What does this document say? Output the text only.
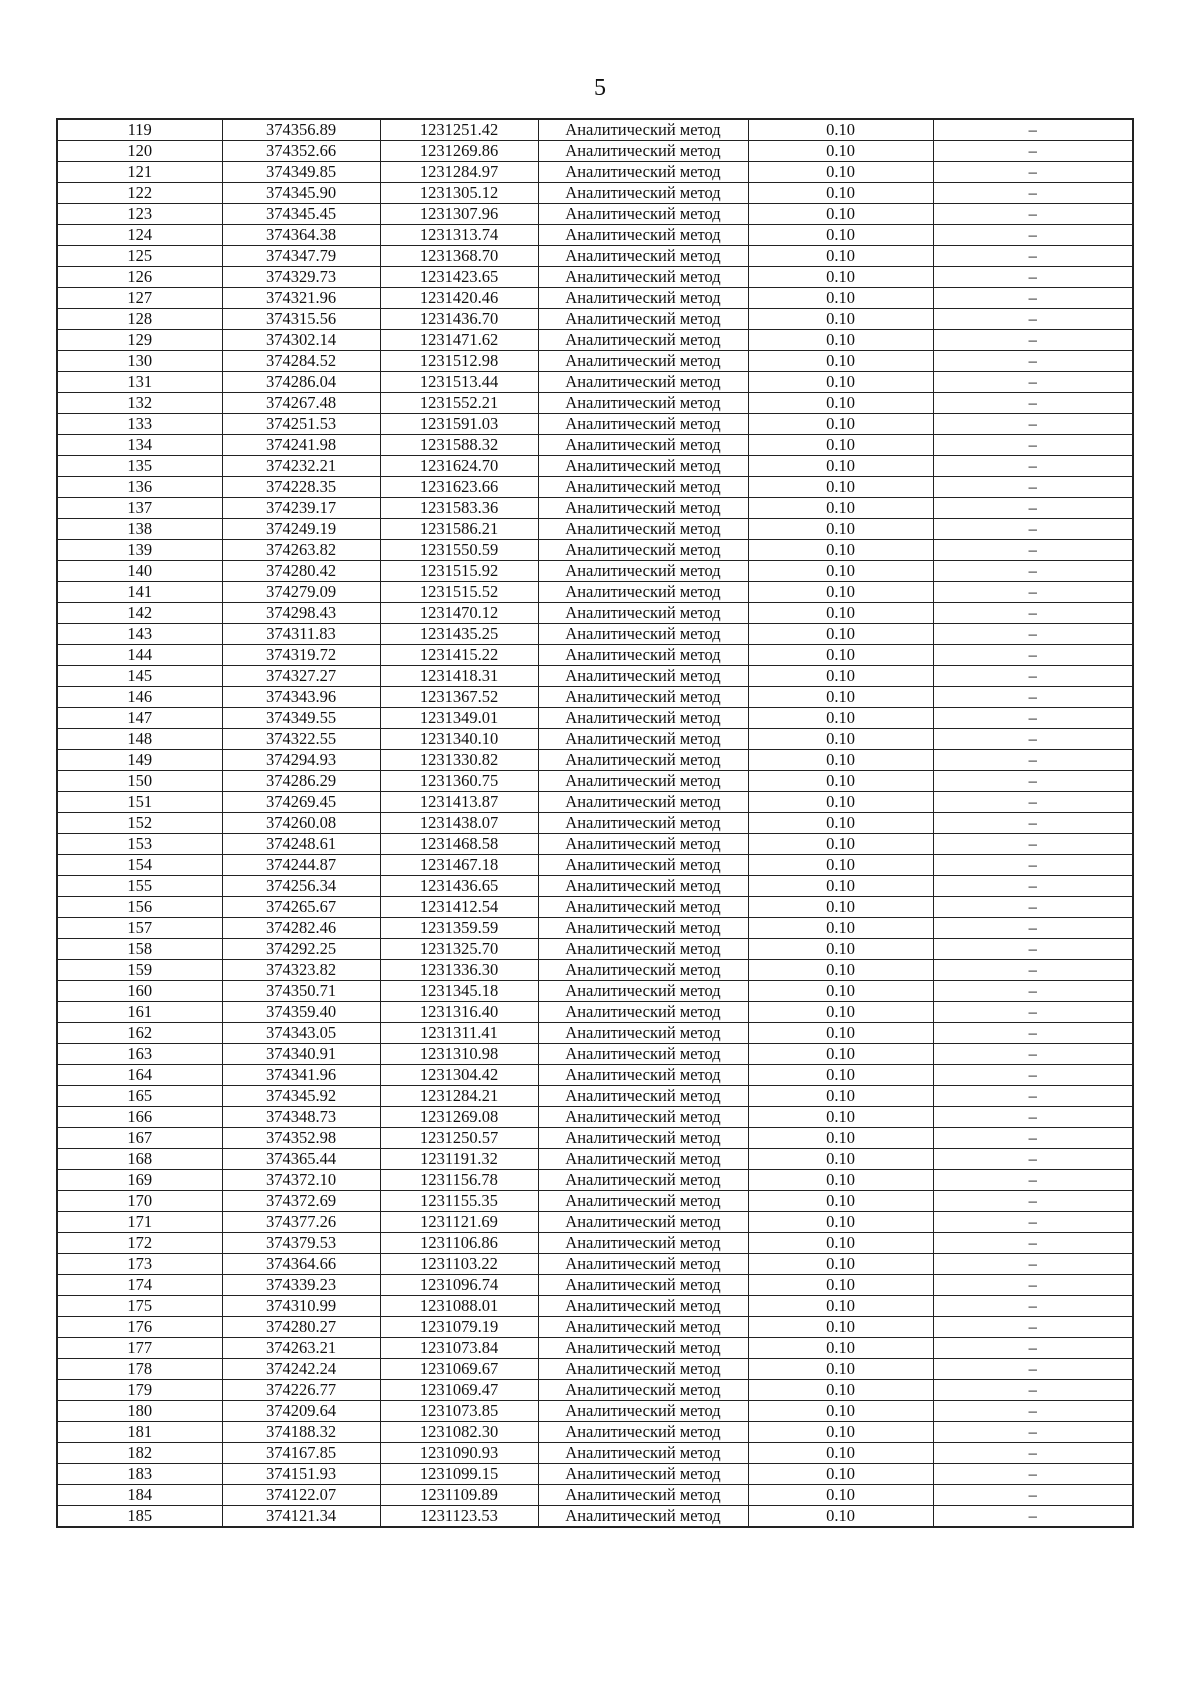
5
119	374356.89	1231251.42	Аналитический метод	0.10	–
120	374352.66	1231269.86	Аналитический метод	0.10	–
121	374349.85	1231284.97	Аналитический метод	0.10	–
122	374345.90	1231305.12	Аналитический метод	0.10	–
123	374345.45	1231307.96	Аналитический метод	0.10	–
124	374364.38	1231313.74	Аналитический метод	0.10	–
125	374347.79	1231368.70	Аналитический метод	0.10	–
126	374329.73	1231423.65	Аналитический метод	0.10	–
127	374321.96	1231420.46	Аналитический метод	0.10	–
128	374315.56	1231436.70	Аналитический метод	0.10	–
129	374302.14	1231471.62	Аналитический метод	0.10	–
130	374284.52	1231512.98	Аналитический метод	0.10	–
131	374286.04	1231513.44	Аналитический метод	0.10	–
132	374267.48	1231552.21	Аналитический метод	0.10	–
133	374251.53	1231591.03	Аналитический метод	0.10	–
134	374241.98	1231588.32	Аналитический метод	0.10	–
135	374232.21	1231624.70	Аналитический метод	0.10	–
136	374228.35	1231623.66	Аналитический метод	0.10	–
137	374239.17	1231583.36	Аналитический метод	0.10	–
138	374249.19	1231586.21	Аналитический метод	0.10	–
139	374263.82	1231550.59	Аналитический метод	0.10	–
140	374280.42	1231515.92	Аналитический метод	0.10	–
141	374279.09	1231515.52	Аналитический метод	0.10	–
142	374298.43	1231470.12	Аналитический метод	0.10	–
143	374311.83	1231435.25	Аналитический метод	0.10	–
144	374319.72	1231415.22	Аналитический метод	0.10	–
145	374327.27	1231418.31	Аналитический метод	0.10	–
146	374343.96	1231367.52	Аналитический метод	0.10	–
147	374349.55	1231349.01	Аналитический метод	0.10	–
148	374322.55	1231340.10	Аналитический метод	0.10	–
149	374294.93	1231330.82	Аналитический метод	0.10	–
150	374286.29	1231360.75	Аналитический метод	0.10	–
151	374269.45	1231413.87	Аналитический метод	0.10	–
152	374260.08	1231438.07	Аналитический метод	0.10	–
153	374248.61	1231468.58	Аналитический метод	0.10	–
154	374244.87	1231467.18	Аналитический метод	0.10	–
155	374256.34	1231436.65	Аналитический метод	0.10	–
156	374265.67	1231412.54	Аналитический метод	0.10	–
157	374282.46	1231359.59	Аналитический метод	0.10	–
158	374292.25	1231325.70	Аналитический метод	0.10	–
159	374323.82	1231336.30	Аналитический метод	0.10	–
160	374350.71	1231345.18	Аналитический метод	0.10	–
161	374359.40	1231316.40	Аналитический метод	0.10	–
162	374343.05	1231311.41	Аналитический метод	0.10	–
163	374340.91	1231310.98	Аналитический метод	0.10	–
164	374341.96	1231304.42	Аналитический метод	0.10	–
165	374345.92	1231284.21	Аналитический метод	0.10	–
166	374348.73	1231269.08	Аналитический метод	0.10	–
167	374352.98	1231250.57	Аналитический метод	0.10	–
168	374365.44	1231191.32	Аналитический метод	0.10	–
169	374372.10	1231156.78	Аналитический метод	0.10	–
170	374372.69	1231155.35	Аналитический метод	0.10	–
171	374377.26	1231121.69	Аналитический метод	0.10	–
172	374379.53	1231106.86	Аналитический метод	0.10	–
173	374364.66	1231103.22	Аналитический метод	0.10	–
174	374339.23	1231096.74	Аналитический метод	0.10	–
175	374310.99	1231088.01	Аналитический метод	0.10	–
176	374280.27	1231079.19	Аналитический метод	0.10	–
177	374263.21	1231073.84	Аналитический метод	0.10	–
178	374242.24	1231069.67	Аналитический метод	0.10	–
179	374226.77	1231069.47	Аналитический метод	0.10	–
180	374209.64	1231073.85	Аналитический метод	0.10	–
181	374188.32	1231082.30	Аналитический метод	0.10	–
182	374167.85	1231090.93	Аналитический метод	0.10	–
183	374151.93	1231099.15	Аналитический метод	0.10	–
184	374122.07	1231109.89	Аналитический метод	0.10	–
185	374121.34	1231123.53	Аналитический метод	0.10	–
